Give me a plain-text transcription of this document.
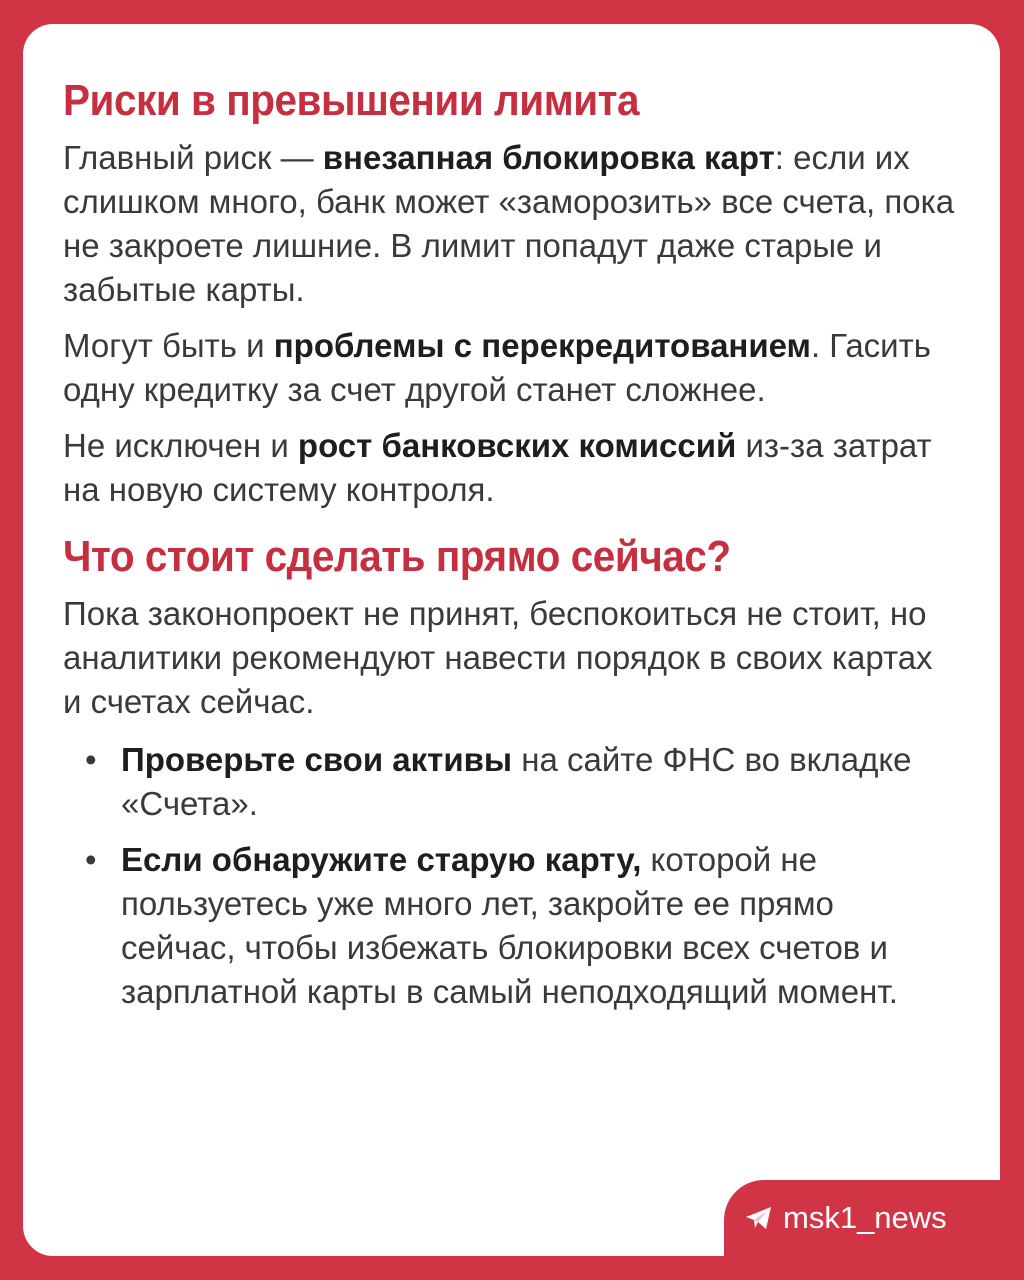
Риски в превышении лимита

Главный риск — внезапная блокировка карт: если их слишком много, банк может «заморозить» все счета, пока не закроете лишние. В лимит попадут даже старые и забытые карты.

Могут быть и проблемы с перекредитованием. Гасить одну кредитку за счет другой станет сложнее.

Не исключен и рост банковских комиссий из-за затрат на новую систему контроля.

Что стоит сделать прямо сейчас?

Пока законопроект не принят, беспокоиться не стоит, но аналитики рекомендуют навести порядок в своих картах и счетах сейчас.

• Проверьте свои активы на сайте ФНС во вкладке «Счета».
• Если обнаружите старую карту, которой не пользуетесь уже много лет, закройте ее прямо сейчас, чтобы избежать блокировки всех счетов и зарплатной карты в самый неподходящий момент.
msk1_news
